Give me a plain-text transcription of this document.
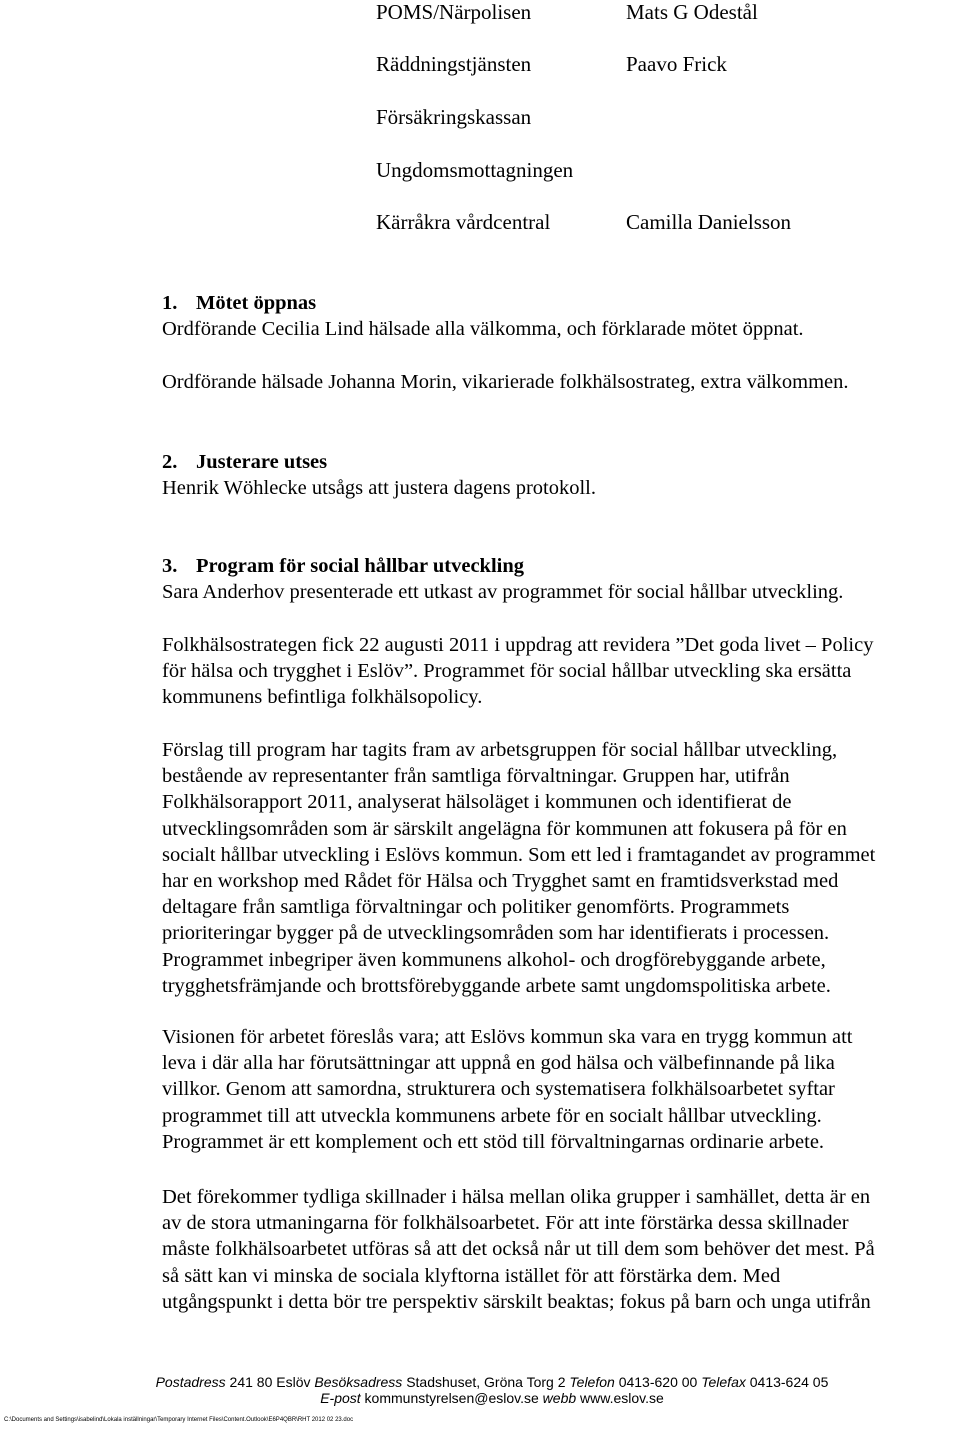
POMS/Närpolisen	Mats G Odestål
Räddningstjänsten	Paavo Frick
Försäkringskassan
Ungdomsmottagningen
Kärråkra vårdcentral	Camilla Danielsson
1. Mötet öppnas

Ordförande Cecilia Lind hälsade alla välkomma, och förklarade mötet öppnat.

Ordförande hälsade Johanna Morin, vikarierade folkhälsostrateg, extra välkommen.

2. Justerare utses

Henrik Wöhlecke utsågs att justera dagens protokoll.

3. Program för social hållbar utveckling

Sara Anderhov presenterade ett utkast av programmet för social hållbar utveckling.

Folkhälsostrategen fick 22 augusti 2011 i uppdrag att revidera ”Det goda livet – Policy

för hälsa och trygghet i Eslöv”. Programmet för social hållbar utveckling ska ersätta

kommunens befintliga folkhälsopolicy.

Förslag till program har tagits fram av arbetsgruppen för social hållbar utveckling,

bestående av representanter från samtliga förvaltningar. Gruppen har, utifrån

Folkhälsorapport 2011, analyserat hälsoläget i kommunen och identifierat de

utvecklingsområden som är särskilt angelägna för kommunen att fokusera på för en

socialt hållbar utveckling i Eslövs kommun. Som ett led i framtagandet av programmet

har en workshop med Rådet för Hälsa och Trygghet samt en framtidsverkstad med

deltagare från samtliga förvaltningar och politiker genomförts. Programmets

prioriteringar bygger på de utvecklingsområden som har identifierats i processen.

Programmet inbegriper även kommunens alkohol- och drogförebyggande arbete,

trygghetsfrämjande och brottsförebyggande arbete samt ungdomspolitiska arbete.

Visionen för arbetet föreslås vara; att Eslövs kommun ska vara en trygg kommun att

leva i där alla har förutsättningar att uppnå en god hälsa och välbefinnande på lika

villkor. Genom att samordna, strukturera och systematisera folkhälsoarbetet syftar

programmet till att utveckla kommunens arbete för en socialt hållbar utveckling.

Programmet är ett komplement och ett stöd till förvaltningarnas ordinarie arbete.

Det förekommer tydliga skillnader i hälsa mellan olika grupper i samhället, detta är en

av de stora utmaningarna för folkhälsoarbetet. För att inte förstärka dessa skillnader

måste folkhälsoarbetet utföras så att det också når ut till dem som behöver det mest. På

så sätt kan vi minska de sociala klyftorna istället för att förstärka dem. Med

utgångspunkt i detta bör tre perspektiv särskilt beaktas; fokus på barn och unga utifrån

Postadress 241 80 Eslöv Besöksadress Stadshuset, Gröna Torg 2 Telefon 0413-620 00 Telefax 0413-624 05
E-post kommunstyrelsen@eslov.se webb www.eslov.se
C:\Documents and Settings\isabelind\Lokala inställningar\Temporary Internet Files\Content.Outlook\E6P4QBR\RHT 2012 02 23.doc
